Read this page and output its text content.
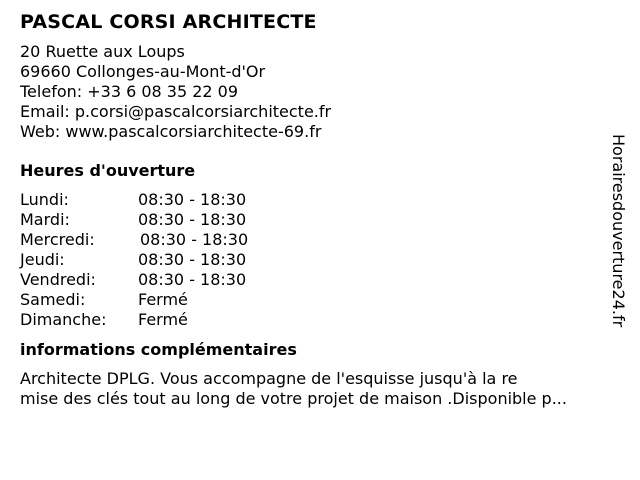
PASCAL CORSI ARCHITECTE
20 Ruette aux Loups
69660 Collonges-au-Mont-d'Or
Telefon: +33 6 08 35 22 09
Email: p.corsi@pascalcorsiarchitecte.fr
Web: www.pascalcorsiarchitecte-69.fr
Heures d'ouverture
Lundi:	08:30 - 18:30
Mardi:	08:30 - 18:30
Mercredi:	08:30 - 18:30
Jeudi:	08:30 - 18:30
Vendredi:	08:30 - 18:30
Samedi:	Fermé
Dimanche:	Fermé
informations complémentaires
Architecte DPLG. Vous accompagne de l'esquisse jusqu'à la re
mise des clés tout au long de votre projet de maison .Disponible p...
Horairesdouverture24.fr
